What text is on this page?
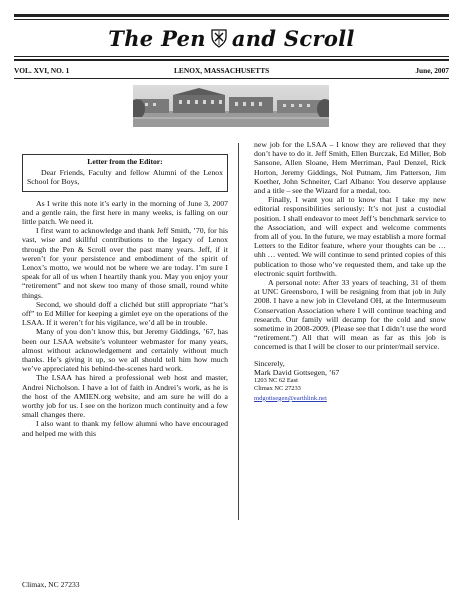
The Pen and Scroll
VOL. XVI, NO. 1	LENOX, MASSACHUSETTS	June, 2007
Letter from the Editor:

Dear Friends, Faculty and fellow Alumni of the Lenox School for Boys,

As I write this note it’s early in the morning of June 3, 2007 and a gentle rain, the first here in many weeks, is falling on our little patch. We need it.

I first want to acknowledge and thank Jeff Smith, ’70, for his vast, wise and skillful contributions to the legacy of Lenox through the Pen & Scroll over the past many years. Jeff, if it weren’t for your persistence and embodiment of the spirit of Lenox’s motto, we would not be where we are today. I’m sure I speak for all of us when I heartily thank you. May you enjoy your “retirement” and not skew too many of those small, round white things.

Second, we should doff a clichéd but still appropriate “hat’s off” to Ed Miller for keeping a gimlet eye on the operations of the LSAA. If it weren’t for his vigilance, we’d all be in trouble.

Many of you don’t know this, but Jeremy Giddings, ’67, has been our LSAA website’s volunteer webmaster for many years, almost without acknowledgement and certainly without much thanks. He’s giving it up, so we all should tell him how much we’ve appreciated his behind-the-scenes hard work.

The LSAA has hired a professional web host and master, Andrei Nicholson. I have a lot of faith in Andrei’s work, as he is the host of the AMIEN.org website, and am sure he will do a worthy job for us. I see on the horizon much continuity and a few small changes there.

I also want to thank my fellow alumni who have encouraged and helped me with this

new job for the LSAA – I know they are relieved that they don’t have to do it. Jeff Smith, Ellen Burczak, Ed Miller, Bob Sansone, Allen Sloane, Hem Merriman, Paul Denzel, Rick Horton, Jeremy Giddings, Nol Putnam, Jim Patterson, Jim Koether, John Schneiter, Carl Albano: You deserve applause and a title – see the Wizard for a medal, too.

Finally, I want you all to know that I take my new editorial responsibilities seriously: It’s not just a custodial position. I shall endeavor to meet Jeff’s benchmark service to the Association, and will expect and welcome comments from all of you. In the future, we may establish a more formal Letters to the Editor feature, where your thoughts can be … uhh … vented. We will continue to send printed copies of this publication to those who’ve requested them, and take up the electronic squirt forthwith.

A personal note: After 33 years of teaching, 31 of them at UNC Greensboro, I will be resigning from that job in July 2008. I have a new job in Cleveland OH, at the Intermuseum Conservation Association where I will continue teaching and research. Our family will decamp for the cold and snow sometime in 2008-2009. (Please see that I didn’t use the word “retirement.”) All that will mean as far as this job is concerned is that I will be closer to our printer/mail service.

Sincerely,

Mark David Gottsegen, ’67

1203 NC 62 East

Climax NC 27233

mdgottsegen@earthlink.net

Climax, NC 27233
